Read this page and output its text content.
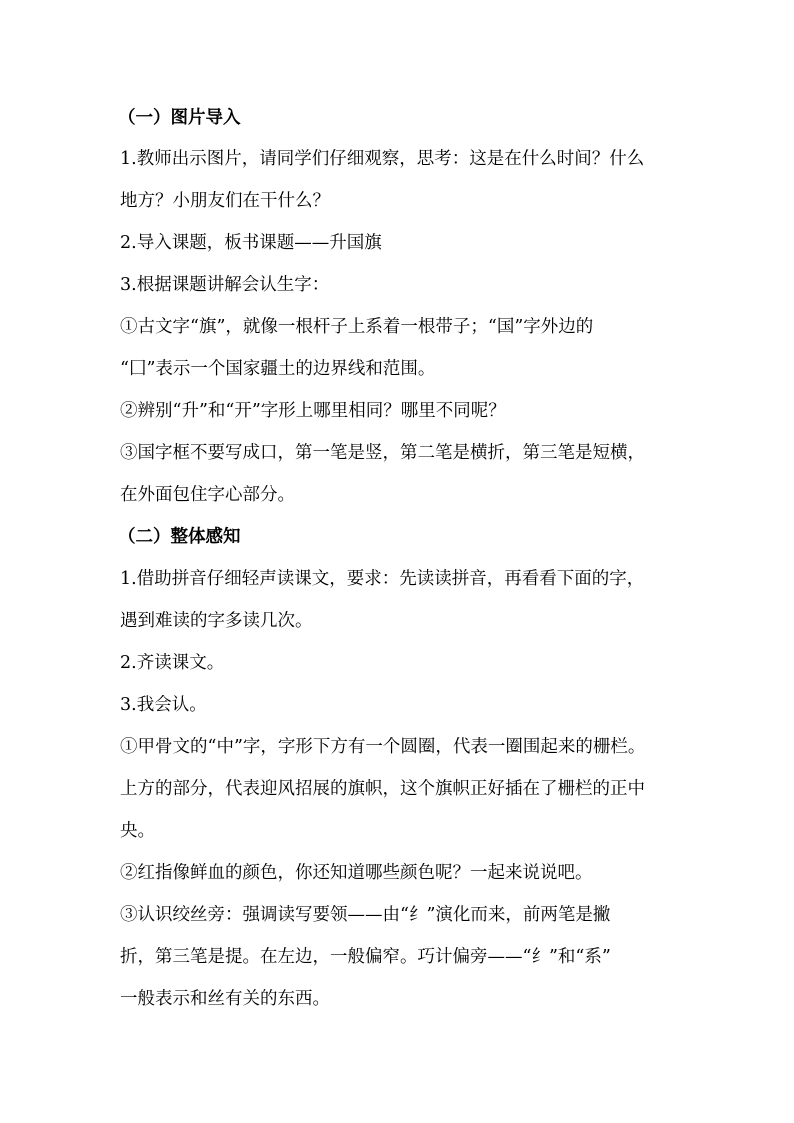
（一）图片导入
1.教师出示图片，请同学们仔细观察，思考：这是在什么时间？什么
地方？小朋友们在干什么？
2.导入课题，板书课题——升国旗
3.根据课题讲解会认生字：
①古文字“旗”，就像一根杆子上系着一根带子；“国”字外边的
“囗”表示一个国家疆土的边界线和范围。
②辨别“升”和“开”字形上哪里相同？哪里不同呢？
③国字框不要写成口，第一笔是竖，第二笔是横折，第三笔是短横，
在外面包住字心部分。
（二）整体感知
1.借助拼音仔细轻声读课文，要求：先读读拼音，再看看下面的字，
遇到难读的字多读几次。
2.齐读课文。
3.我会认。
①甲骨文的“中”字，字形下方有一个圆圈，代表一圈围起来的栅栏。
上方的部分，代表迎风招展的旗帜，这个旗帜正好插在了栅栏的正中
央。
②红指像鲜血的颜色，你还知道哪些颜色呢？一起来说说吧。
③认识绞丝旁：强调读写要领——由“纟”演化而来，前两笔是撇
折，第三笔是提。在左边，一般偏窄。巧计偏旁——“纟”和“系”
一般表示和丝有关的东西。
